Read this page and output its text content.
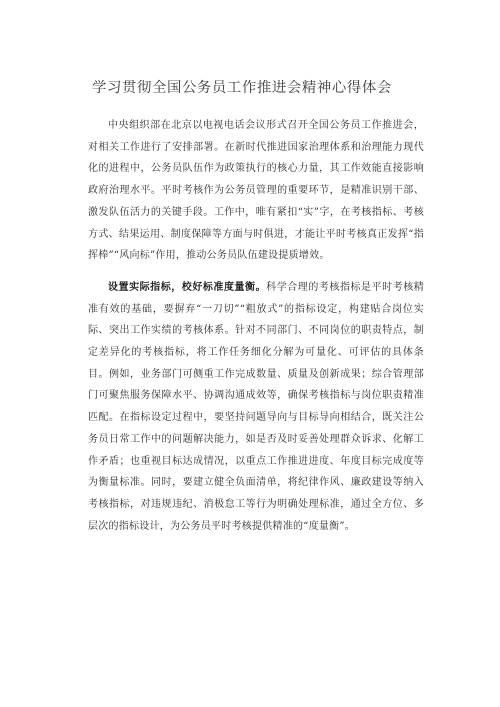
学习贯彻全国公务员工作推进会精神心得体会

中央组织部在北京以电视电话会议形式召开全国公务员工作推进会，对相关工作进行了安排部署。在新时代推进国家治理体系和治理能力现代化的进程中，公务员队伍作为政策执行的核心力量，其工作效能直接影响政府治理水平。平时考核作为公务员管理的重要环节，是精准识别干部、激发队伍活力的关键手段。工作中，唯有紧扣“实”字，在考核指标、考核方式、结果运用、制度保障等方面与时俱进，才能让平时考核真正发挥“指挥棒”“风向标”作用，推动公务员队伍建设提质增效。

设置实际指标，校好标准度量衡。科学合理的考核指标是平时考核精准有效的基础，要摒弃“一刀切”“粗放式”的指标设定，构建贴合岗位实际、突出工作实绩的考核体系。针对不同部门、不同岗位的职责特点，制定差异化的考核指标，将工作任务细化分解为可量化、可评估的具体条目。例如，业务部门可侧重工作完成数量、质量及创新成果；综合管理部门可聚焦服务保障水平、协调沟通成效等，确保考核指标与岗位职责精准匹配。在指标设定过程中，要坚持问题导向与目标导向相结合，既关注公务员日常工作中的问题解决能力，如是否及时妥善处理群众诉求、化解工作矛盾；也重视目标达成情况，以重点工作推进进度、年度目标完成度等为衡量标准。同时，要建立健全负面清单，将纪律作风、廉政建设等纳入考核指标，对违规违纪、消极怠工等行为明确处理标准，通过全方位、多层次的指标设计，为公务员平时考核提供精准的“度量衡”。
